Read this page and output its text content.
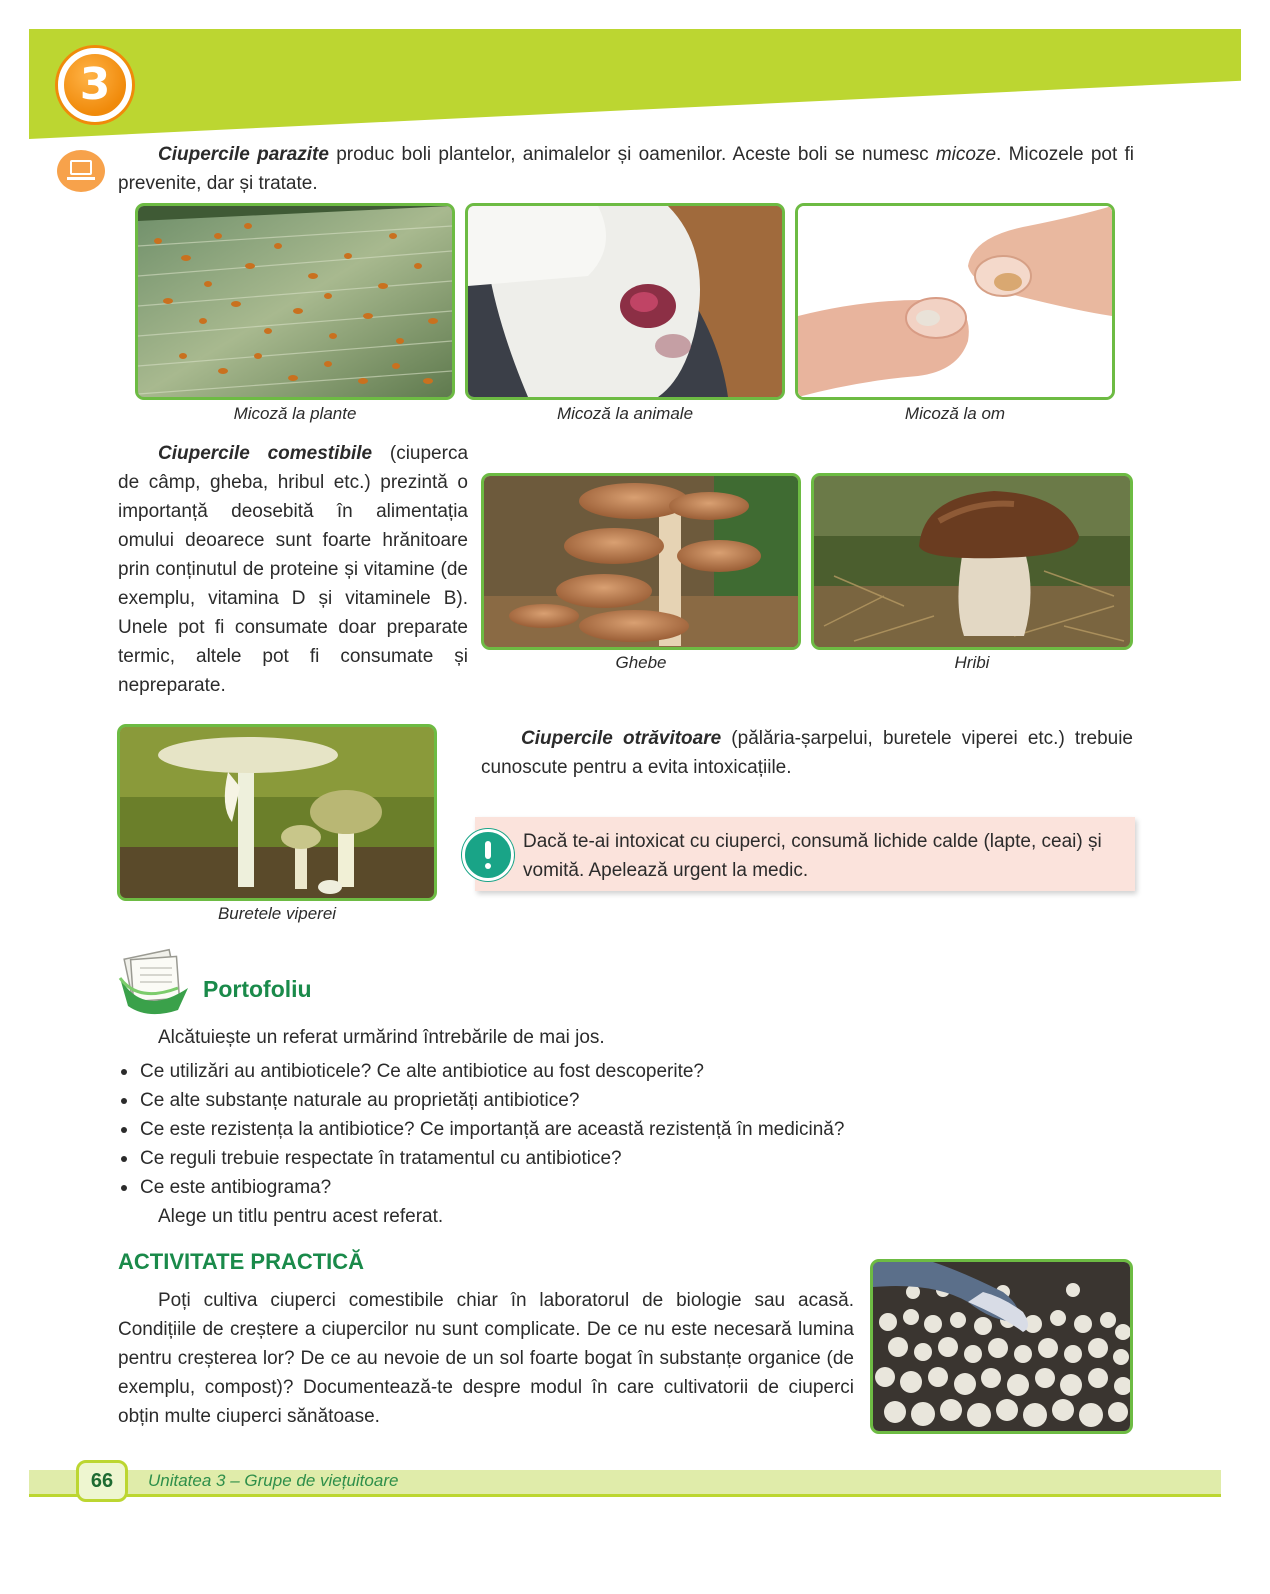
3

Ciupercile parazite produc boli plantelor, animalelor și oamenilor. Aceste boli se numesc micoze. Micozele pot fi prevenite, dar și tratate.

Micoză la plante	Micoză la animale	Micoză la om

Ciupercile comestibile (ciuperca de câmp, gheba, hribul etc.) prezintă o importanță deosebită în alimentația omului deoarece sunt foarte hrănitoare prin conținutul de proteine și vitamine (de exemplu, vitamina D și vitaminele B). Unele pot fi consumate doar preparate termic, altele pot fi consumate și nepreparate.

Ghebe	Hribi
Buretele viperei

Ciupercile otrăvitoare (pălăria-șarpelui, buretele viperei etc.) trebuie cunoscute pentru a evita intoxicațiile.

Dacă te-ai intoxicat cu ciuperci, consumă lichide calde (lapte, ceai) și vomită. Apelează urgent la medic.

Portofoliu

Alcătuiește un referat urmărind întrebările de mai jos.

Ce utilizări au antibioticele? Ce alte antibiotice au fost descoperite?
Ce alte substanțe naturale au proprietăți antibiotice?
Ce este rezistența la antibiotice? Ce importanță are această rezistență în medicină?
Ce reguli trebuie respectate în tratamentul cu antibiotice?
Ce este antibiograma?

Alege un titlu pentru acest referat.

ACTIVITATE PRACTICĂ

Poți cultiva ciuperci comestibile chiar în laboratorul de biologie sau acasă. Condițiile de creștere a ciupercilor nu sunt complicate. De ce nu este necesară lumina pentru creșterea lor? De ce au nevoie de un sol foarte bogat în substanțe organice (de exemplu, compost)? Documentează-te despre modul în care cultivatorii de ciuperci obțin multe ciuperci sănătoase.

66	Unitatea 3 – Grupe de viețuitoare
